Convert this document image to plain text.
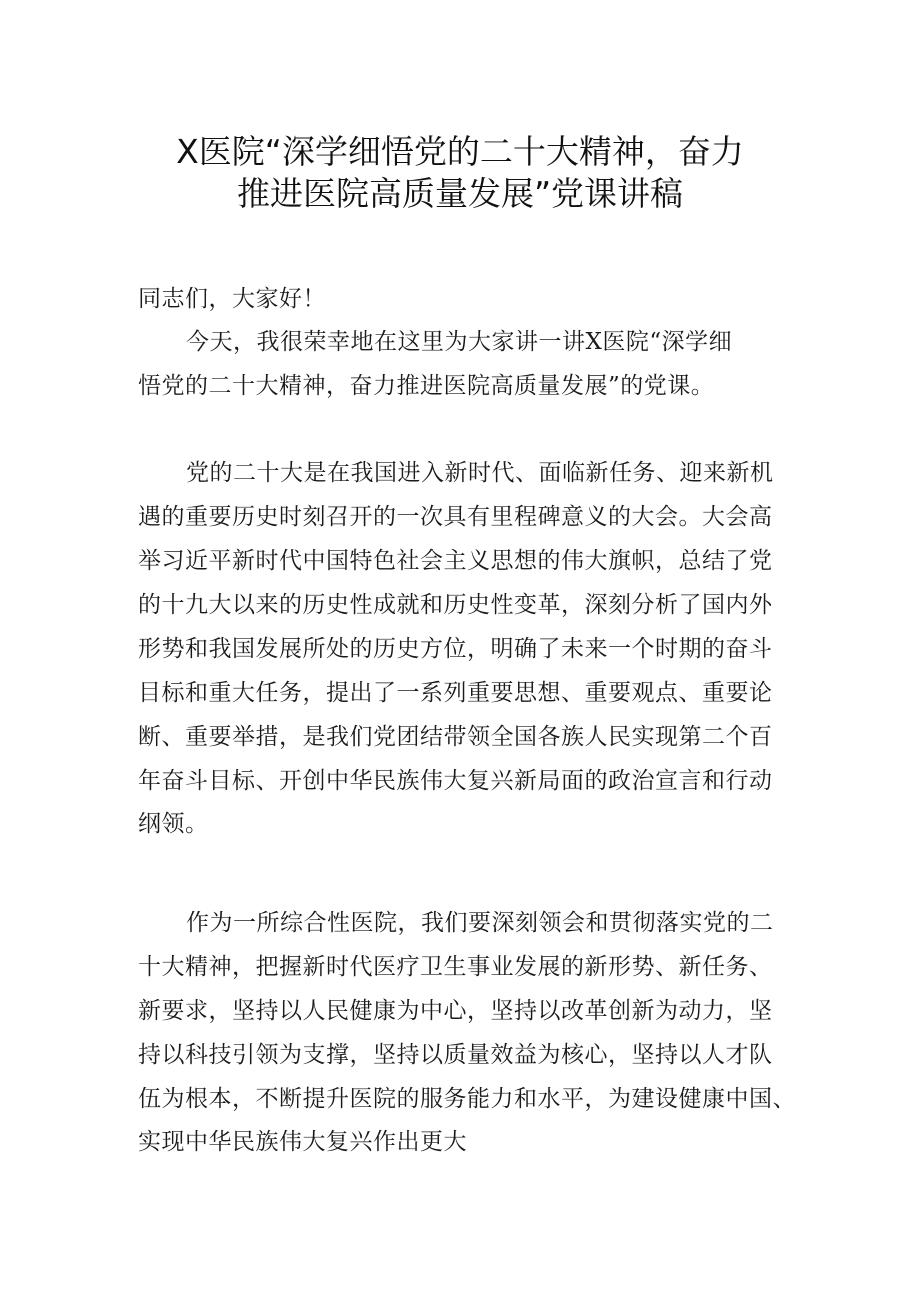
X医院“深学细悟党的二十大精神，奋力
推进医院高质量发展”党课讲稿

同志们，大家好！

今天，我很荣幸地在这里为大家讲一讲X医院“深学细

悟党的二十大精神，奋力推进医院高质量发展”的党课。

党的二十大是在我国进入新时代、面临新任务、迎来新机

遇的重要历史时刻召开的一次具有里程碑意义的大会。大会高

举习近平新时代中国特色社会主义思想的伟大旗帜，总结了党

的十九大以来的历史性成就和历史性变革，深刻分析了国内外

形势和我国发展所处的历史方位，明确了未来一个时期的奋斗

目标和重大任务，提出了一系列重要思想、重要观点、重要论

断、重要举措，是我们党团结带领全国各族人民实现第二个百

年奋斗目标、开创中华民族伟大复兴新局面的政治宣言和行动

纲领。

作为一所综合性医院，我们要深刻领会和贯彻落实党的二

十大精神，把握新时代医疗卫生事业发展的新形势、新任务、

新要求，坚持以人民健康为中心，坚持以改革创新为动力，坚

持以科技引领为支撑，坚持以质量效益为核心，坚持以人才队

伍为根本，不断提升医院的服务能力和水平，为建设健康中国、

实现中华民族伟大复兴作出更大
